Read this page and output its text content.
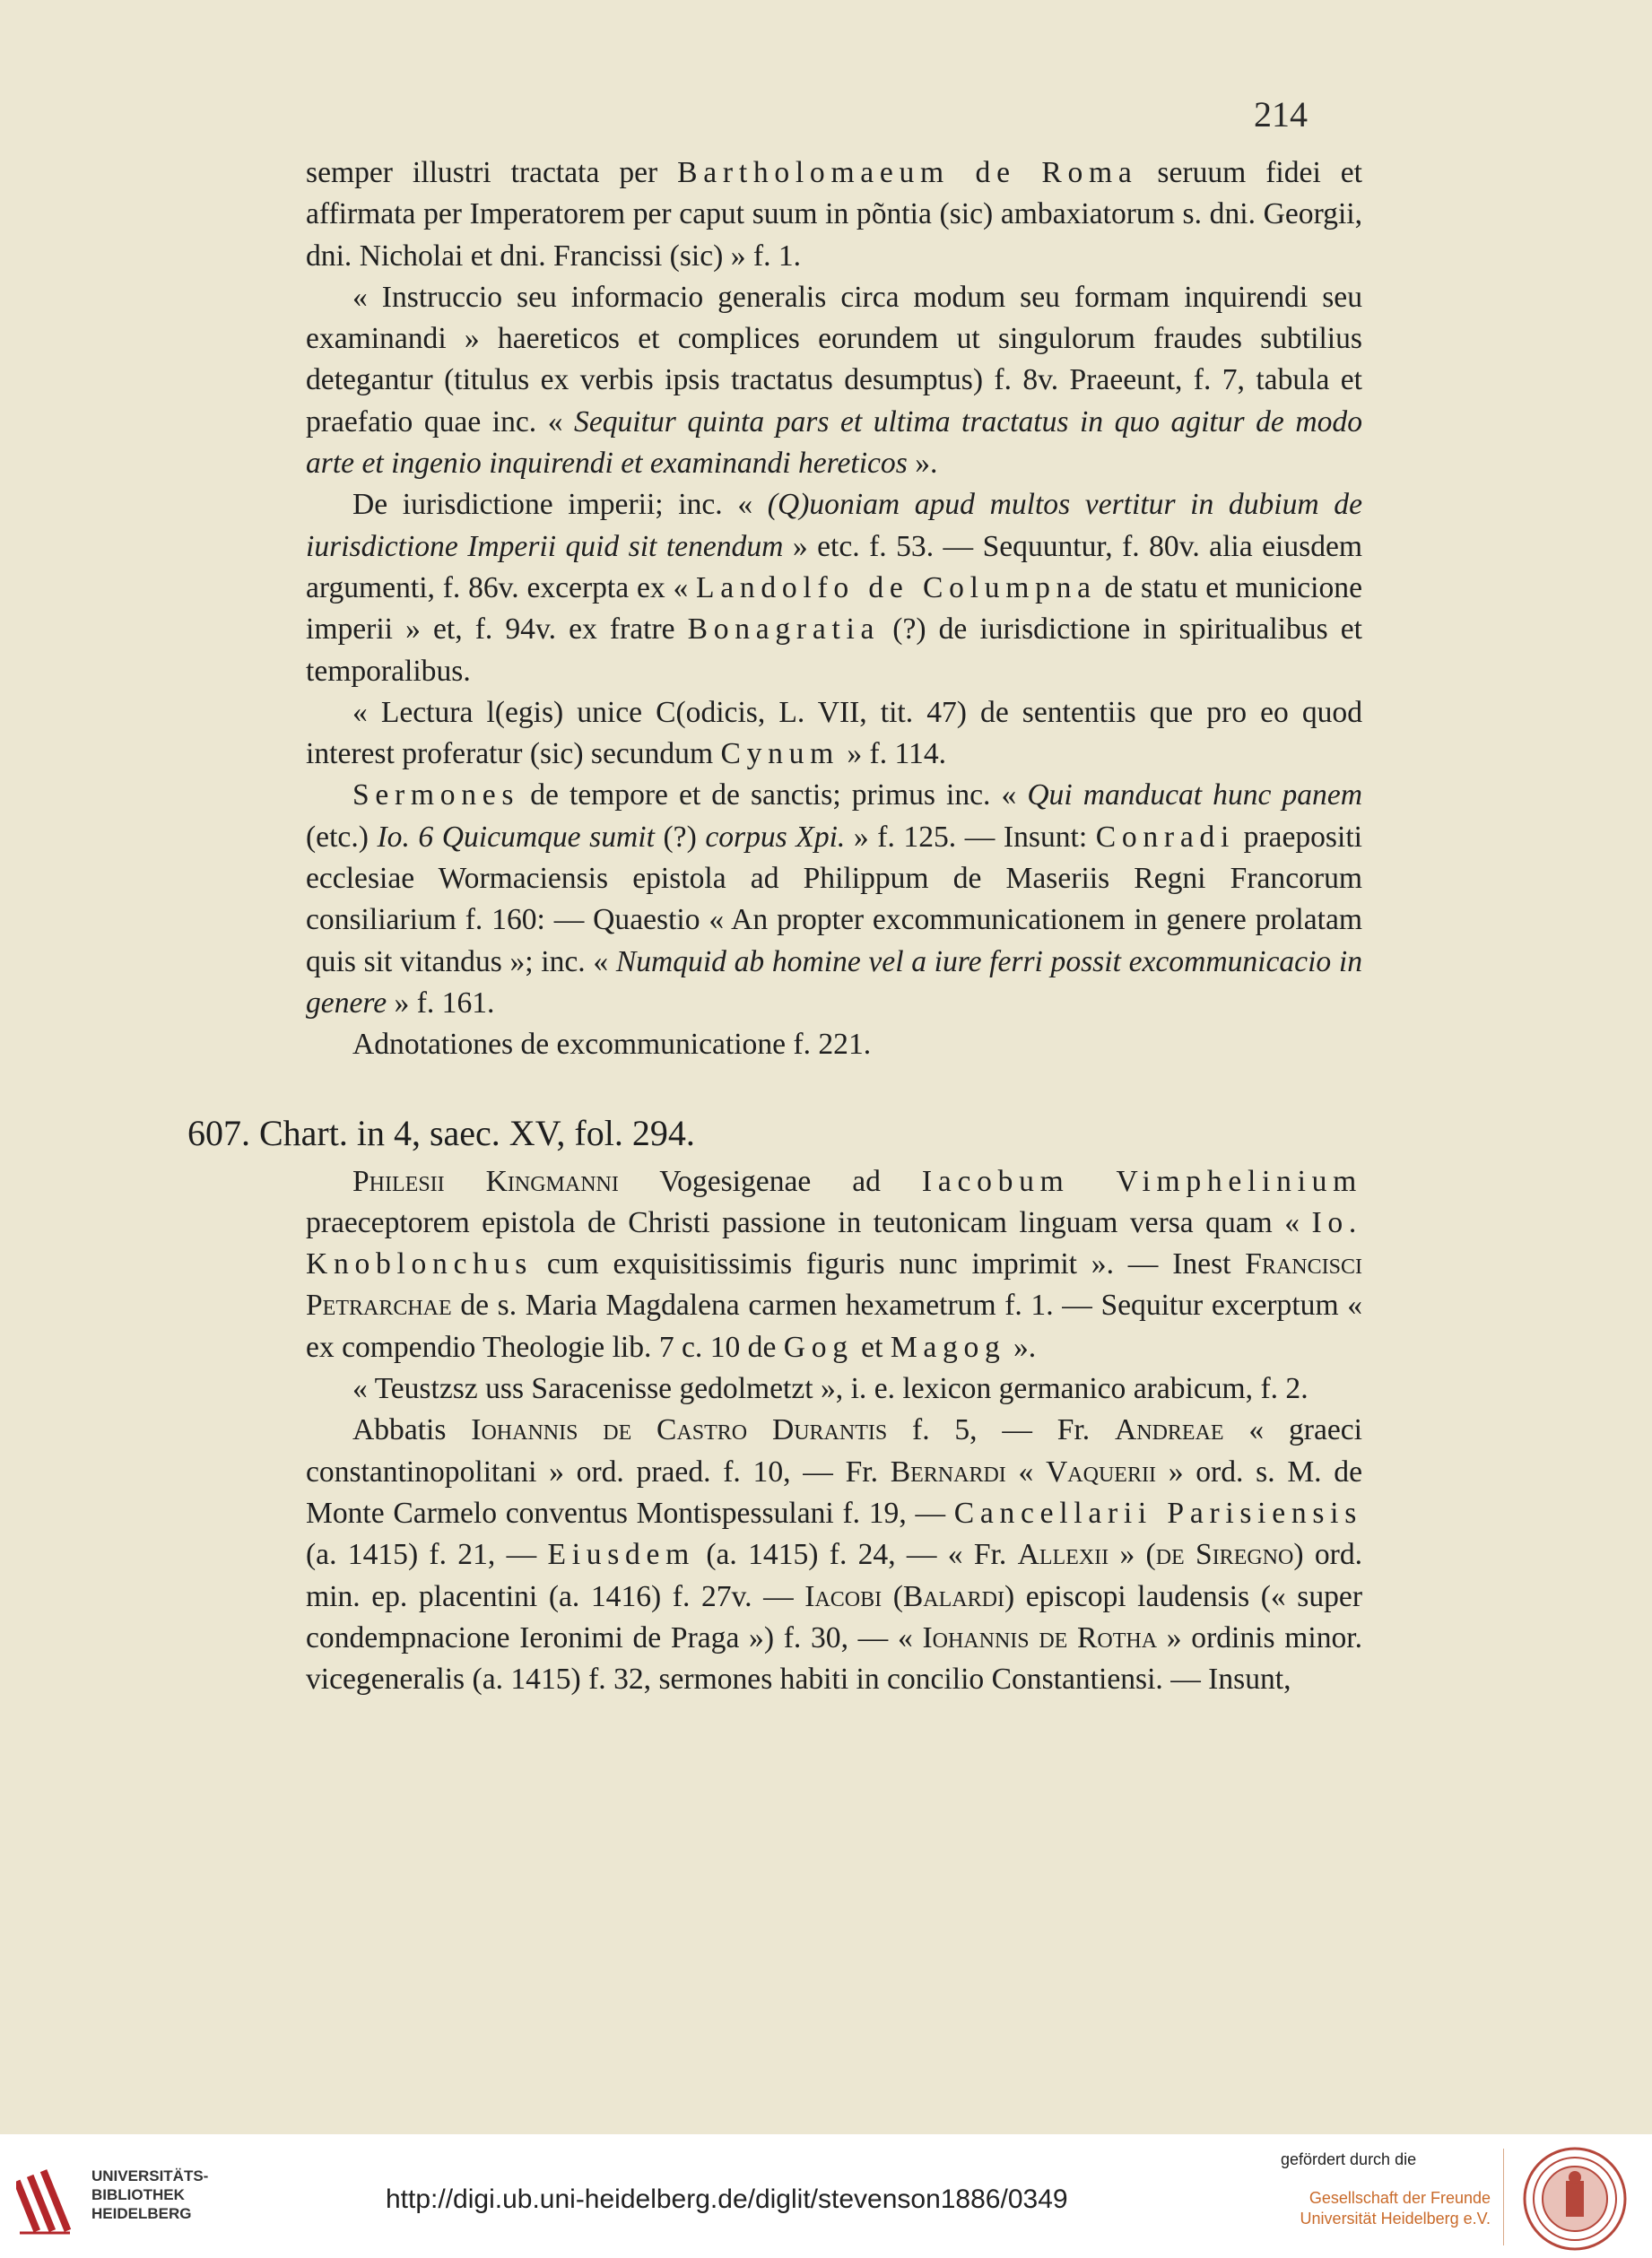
214

semper illustri tractata per Bartholomaeum de Roma seruum fidei et affirmata per Imperatorem per caput suum in põntia (sic) ambaxiatorum s. dni. Georgii, dni. Nicholai et dni. Francissi (sic) » f. 1.

« Instruccio seu informacio generalis circa modum seu formam inquirendi seu examinandi » haereticos et complices eorundem ut singulorum fraudes subtilius detegantur (titulus ex verbis ipsis tractatus desumptus) f. 8v. Praeeunt, f. 7, tabula et praefatio quae inc. « Sequitur quinta pars et ultima tractatus in quo agitur de modo arte et ingenio inquirendi et examinandi hereticos ».

De iurisdictione imperii; inc. « (Q)uoniam apud multos vertitur in dubium de iurisdictione Imperii quid sit tenendum » etc. f. 53. — Sequuntur, f. 80v. alia eiusdem argumenti, f. 86v. excerpta ex « Landolfo de Columpna de statu et municione imperii » et, f. 94v. ex fratre Bonagratia (?) de iurisdictione in spiritualibus et temporalibus.

« Lectura l(egis) unice C(odicis, L. VII, tit. 47) de sententiis que pro eo quod interest proferatur (sic) secundum Cynum » f. 114.

Sermones de tempore et de sanctis; primus inc. « Qui manducat hunc panem (etc.) Io. 6 Quicumque sumit (?) corpus Xpi. » f. 125. — Insunt: Conradi praepositi ecclesiae Wormaciensis epistola ad Philippum de Maseriis Regni Francorum consiliarium f. 160: — Quaestio « An propter excommunicationem in genere prolatam quis sit vitandus »; inc. « Numquid ab homine vel a iure ferri possit excommunicacio in genere » f. 161.

Adnotationes de excommunicatione f. 221.

607. Chart. in 4, saec. XV, fol. 294.

Philesii Kingmanni Vogesigenae ad Iacobum Vimphelinium praeceptorem epistola de Christi passione in teutonicam linguam versa quam « Io. Knoblonchus cum exquisitissimis figuris nunc imprimit ». — Inest Francisci Petrarchae de s. Maria Magdalena carmen hexametrum f. 1. — Sequitur excerptum « ex compendio Theologie lib. 7 c. 10 de Gog et Magog ».

« Teustzsz uss Saracenisse gedolmetzt », i. e. lexicon germanico arabicum, f. 2.

Abbatis Iohannis de Castro Durantis f. 5, — Fr. Andreae « graeci constantinopolitani » ord. praed. f. 10, — Fr. Bernardi « Vaquerii » ord. s. M. de Monte Carmelo conventus Montispessulani f. 19, — Cancellarii Parisiensis (a. 1415) f. 21, — Eiusdem (a. 1415) f. 24, — « Fr. Allexii » (de Siregno) ord. min. ep. placentini (a. 1416) f. 27v. — Iacobi (Balardi) episcopi laudensis (« super condempnacione Ieronimi de Praga ») f. 30, — « Iohannis de Rotha » ordinis minor. vicegeneralis (a. 1415) f. 32, sermones habiti in concilio Constantiensi. — Insunt,

UNIVERSITÄTS-
BIBLIOTHEK
HEIDELBERG	http://digi.ub.uni-heidelberg.de/diglit/stevenson1886/0349
gefördert durch die
Gesellschaft der Freunde
Universität Heidelberg e.V.
